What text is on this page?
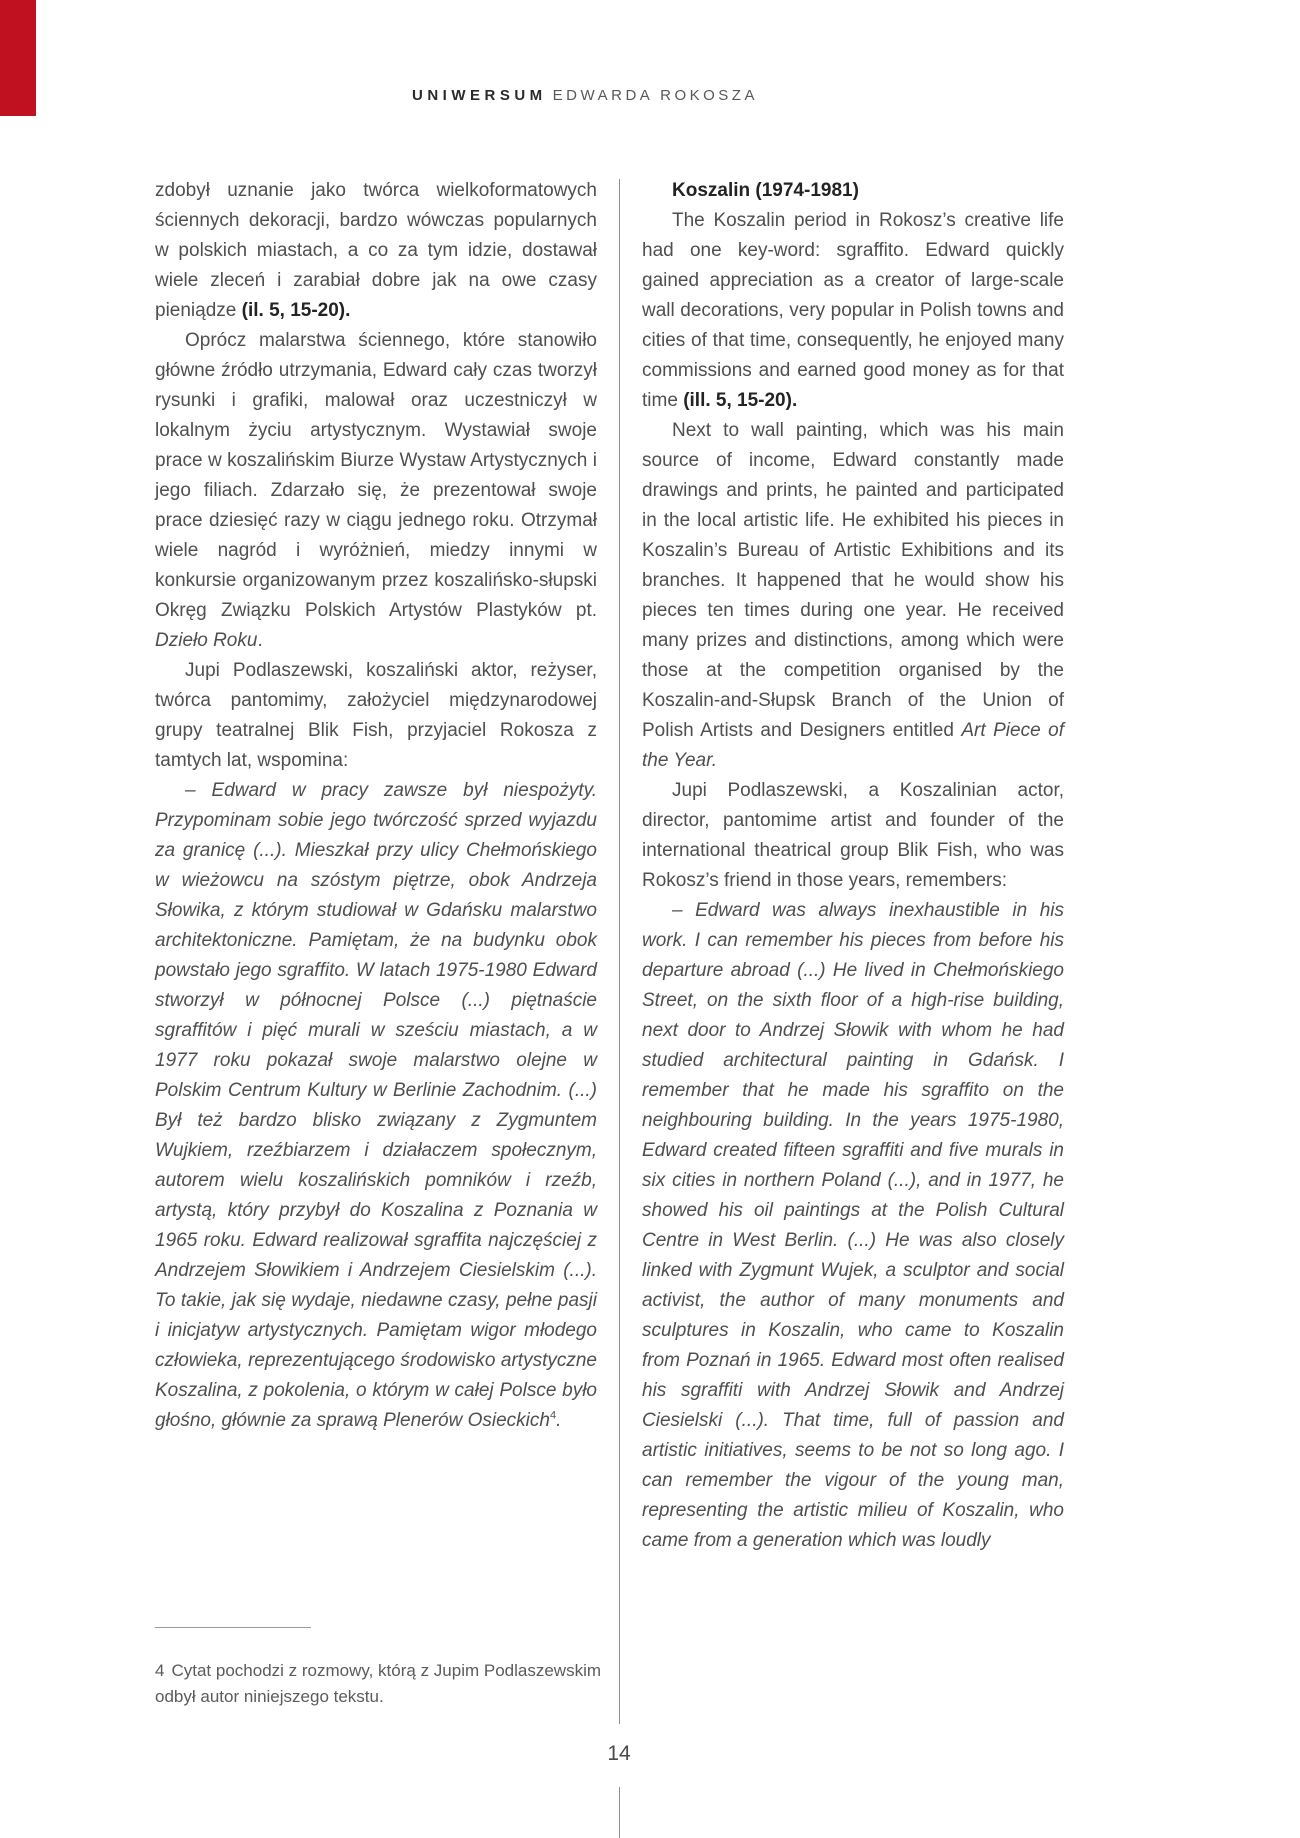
UNIWERSUM EDWARDA ROKOSZA

zdobył uznanie jako twórca wielkoformatowych ściennych dekoracji, bardzo wówczas popularnych w polskich miastach, a co za tym idzie, dostawał wiele zleceń i zarabiał dobre jak na owe czasy pieniądze (il. 5, 15-20).

Oprócz malarstwa ściennego, które stanowiło główne źródło utrzymania, Edward cały czas tworzył rysunki i grafiki, malował oraz uczestniczył w lokalnym życiu artystycznym. Wystawiał swoje prace w koszalińskim Biurze Wystaw Artystycznych i jego filiach. Zdarzało się, że prezentował swoje prace dziesięć razy w ciągu jednego roku. Otrzymał wiele nagród i wyróżnień, miedzy innymi w konkursie organizowanym przez koszalińsko-słupski Okręg Związku Polskich Artystów Plastyków pt. Dzieło Roku.

Jupi Podlaszewski, koszaliński aktor, reżyser, twórca pantomimy, założyciel międzynarodowej grupy teatralnej Blik Fish, przyjaciel Rokosza z tamtych lat, wspomina:

– Edward w pracy zawsze był niespożyty. Przypominam sobie jego twórczość sprzed wyjazdu za granicę (...). Mieszkał przy ulicy Chełmońskiego w wieżowcu na szóstym piętrze, obok Andrzeja Słowika, z którym studiował w Gdańsku malarstwo architektoniczne. Pamiętam, że na budynku obok powstało jego sgraffito. W latach 1975-1980 Edward stworzył w północnej Polsce (...) piętnaście sgraffitów i pięć murali w sześciu miastach, a w 1977 roku pokazał swoje malarstwo olejne w Polskim Centrum Kultury w Berlinie Zachodnim. (...) Był też bardzo blisko związany z Zygmuntem Wujkiem, rzeźbiarzem i działaczem społecznym, autorem wielu koszalińskich pomników i rzeźb, artystą, który przybył do Koszalina z Poznania w 1965 roku. Edward realizował sgraffita najczęściej z Andrzejem Słowikiem i Andrzejem Ciesielskim (...). To takie, jak się wydaje, niedawne czasy, pełne pasji i inicjatyw artystycznych. Pamiętam wigor młodego człowieka, reprezentującego środowisko artystyczne Koszalina, z pokolenia, o którym w całej Polsce było głośno, głównie za sprawą Plenerów Osieckich$^4$.

Koszalin (1974-1981)

The Koszalin period in Rokosz’s creative life had one key-word: sgraffito. Edward quickly gained appreciation as a creator of large-scale wall decorations, very popular in Polish towns and cities of that time, consequently, he enjoyed many commissions and earned good money as for that time (ill. 5, 15-20).

Next to wall painting, which was his main source of income, Edward constantly made drawings and prints, he painted and participated in the local artistic life. He exhibited his pieces in Koszalin’s Bureau of Artistic Exhibitions and its branches. It happened that he would show his pieces ten times during one year. He received many prizes and distinctions, among which were those at the competition organised by the Koszalin-and-Słupsk Branch of the Union of Polish Artists and Designers entitled Art Piece of the Year.

Jupi Podlaszewski, a Koszalinian actor, director, pantomime artist and founder of the international theatrical group Blik Fish, who was Rokosz’s friend in those years, remembers:

– Edward was always inexhaustible in his work. I can remember his pieces from before his departure abroad (...) He lived in Chełmońskiego Street, on the sixth floor of a high-rise building, next door to Andrzej Słowik with whom he had studied architectural painting in Gdańsk. I remember that he made his sgraffito on the neighbouring building. In the years 1975-1980, Edward created fifteen sgraffiti and five murals in six cities in northern Poland (...), and in 1977, he showed his oil paintings at the Polish Cultural Centre in West Berlin. (...) He was also closely linked with Zygmunt Wujek, a sculptor and social activist, the author of many monuments and sculptures in Koszalin, who came to Koszalin from Poznań in 1965. Edward most often realised his sgraffiti with Andrzej Słowik and Andrzej Ciesielski (...). That time, full of passion and artistic initiatives, seems to be not so long ago. I can remember the vigour of the young man, representing the artistic milieu of Koszalin, who came from a generation which was loudly

4 Cytat pochodzi z rozmowy, którą z Jupim Podlaszewskim odbył autor niniejszego tekstu.

14
